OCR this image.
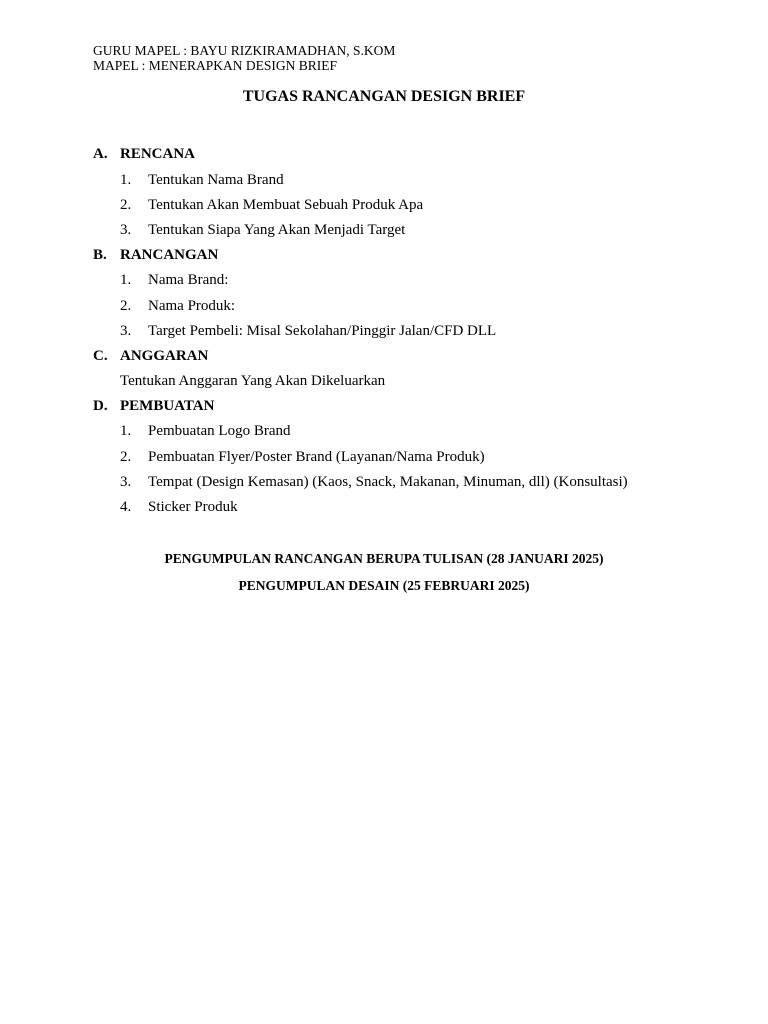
GURU MAPEL : BAYU RIZKIRAMADHAN, S.KOM
MAPEL : MENERAPKAN DESIGN BRIEF
TUGAS RANCANGAN DESIGN BRIEF
A. RENCANA
1. Tentukan Nama Brand
2. Tentukan Akan Membuat Sebuah Produk Apa
3. Tentukan Siapa Yang Akan Menjadi Target
B. RANCANGAN
1. Nama Brand:
2. Nama Produk:
3. Target Pembeli: Misal Sekolahan/Pinggir Jalan/CFD DLL
C. ANGGARAN
Tentukan Anggaran Yang Akan Dikeluarkan
D. PEMBUATAN
1. Pembuatan Logo Brand
2. Pembuatan Flyer/Poster Brand (Layanan/Nama Produk)
3. Tempat (Design Kemasan) (Kaos, Snack, Makanan, Minuman, dll) (Konsultasi)
4. Sticker Produk
PENGUMPULAN RANCANGAN BERUPA TULISAN (28 JANUARI 2025)
PENGUMPULAN DESAIN (25 FEBRUARI 2025)
